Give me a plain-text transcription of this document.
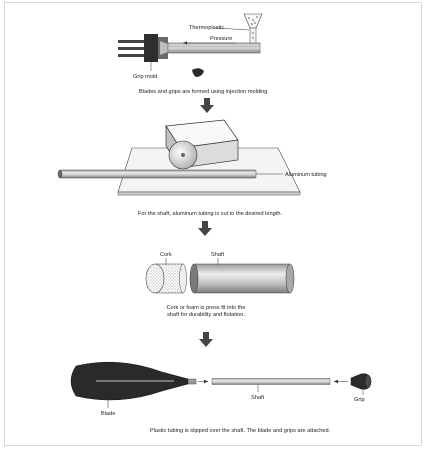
Thermoplastic
Pressure
Grip mold
Blades and grips are formed using injection molding.
Aluminum tubing
For the shaft, aluminum tubing is cut to the desired length.
Cork	Shaft
Cork or foam is press fit into the
shaft for durability and flotation.
Blade
Shaft	Grip
Plastic tubing is slipped over the shaft. The blade and grips are attached.
